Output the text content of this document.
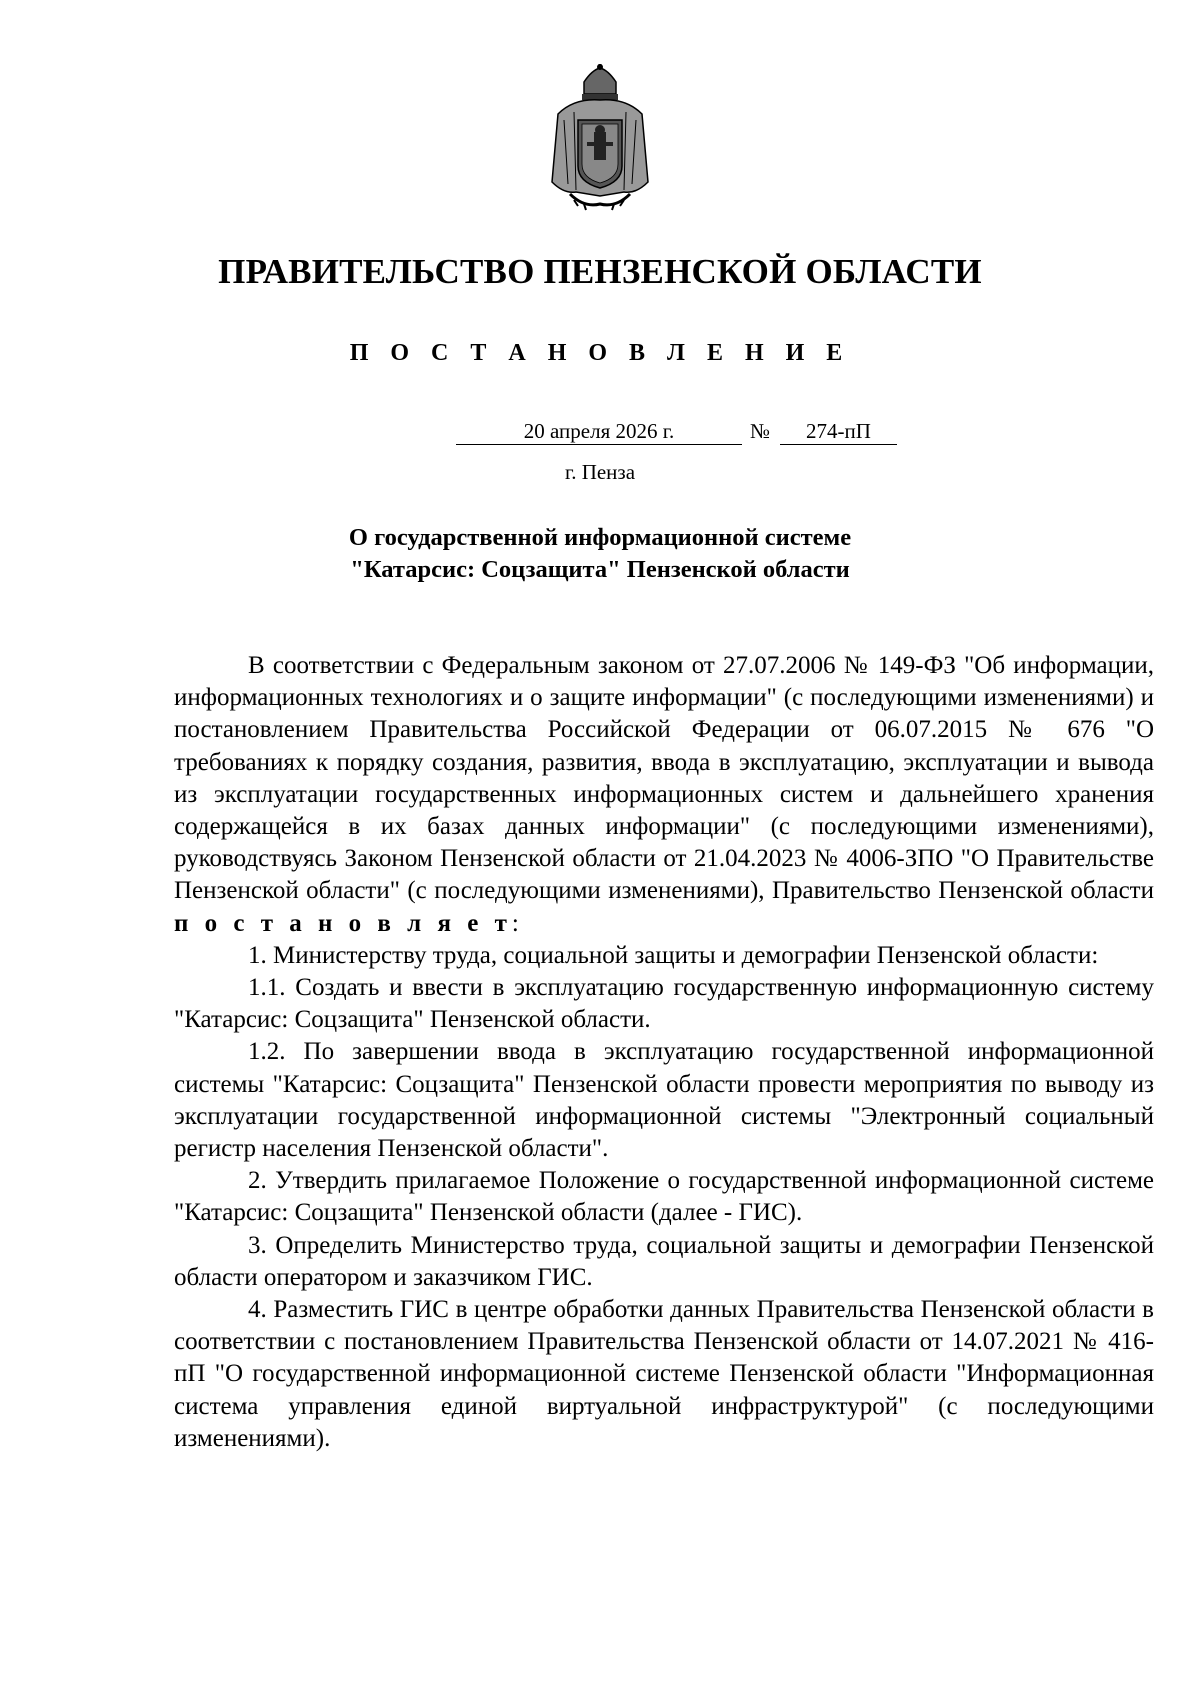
ПРАВИТЕЛЬСТВО ПЕНЗЕНСКОЙ ОБЛАСТИ
П О С Т А Н О В Л Е Н И Е
20 апреля 2026 г.	№	274-пП
г. Пенза
О государственной информационной системе
"Катарсис: Соцзащита" Пензенской области

В соответствии с Федеральным законом от 27.07.2006 № 149-ФЗ "Об информации, информационных технологиях и о защите информации" (с последующими изменениями) и постановлением Правительства Российской Федерации от 06.07.2015 № 676 "О требованиях к порядку создания, развития, ввода в эксплуатацию, эксплуатации и вывода из эксплуатации государственных информационных систем и дальнейшего хранения содержащейся в их базах данных информации" (с последующими изменениями), руководствуясь Законом Пензенской области от 21.04.2023 № 4006-ЗПО "О Правительстве Пензенской области" (с последующими изменениями), Правительство Пензенской области п о с т а н о в л я е т:

1. Министерству труда, социальной защиты и демографии Пензенской области:

1.1. Создать и ввести в эксплуатацию государственную информационную систему "Катарсис: Соцзащита" Пензенской области.

1.2. По завершении ввода в эксплуатацию государственной информационной системы "Катарсис: Соцзащита" Пензенской области провести мероприятия по выводу из эксплуатации государственной информационной системы "Электронный социальный регистр населения Пензенской области".

2. Утвердить прилагаемое Положение о государственной информационной системе "Катарсис: Соцзащита" Пензенской области (далее - ГИС).

3. Определить Министерство труда, социальной защиты и демографии Пензенской области оператором и заказчиком ГИС.

4. Разместить ГИС в центре обработки данных Правительства Пензенской области в соответствии с постановлением Правительства Пензенской области от 14.07.2021 № 416-пП "О государственной информационной системе Пензенской области "Информационная система управления единой виртуальной инфраструктурой" (с последующими изменениями).
